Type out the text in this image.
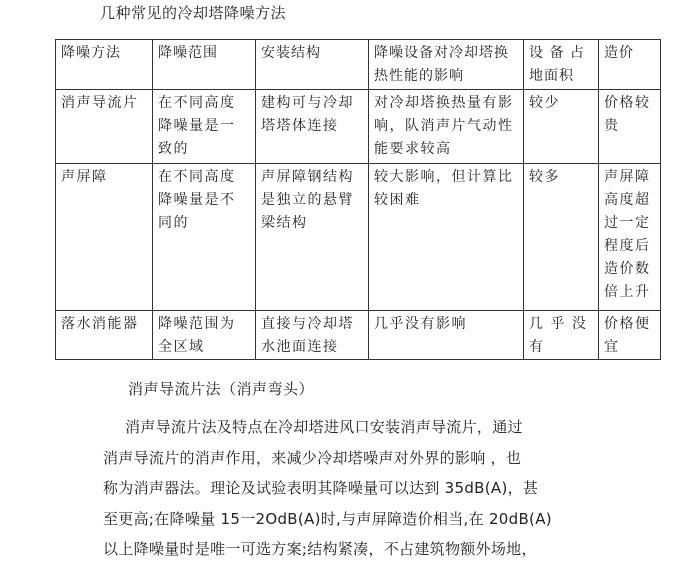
几种常见的冷却塔降噪方法
降噪方法	降噪范围	安装结构	降噪设备对冷却塔换热性能的影响	设 备 占地面积	造价
消声导流片	在不同高度降噪量是一致的	建构可与冷却塔塔体连接	对冷却塔换热量有影响，队消声片气动性能要求较高	较少	价格较贵
声屏障	在不同高度降噪量是不同的	声屏障钢结构是独立的悬臂梁结构	较大影响，但计算比较困难	较多	声屏障高度超过一定程度后造价数倍上升
落水消能器	降噪范围为全区域	直接与冷却塔水池面连接	几乎没有影响	几 乎 没有	价格便宜
消声导流片法（消声弯头）

消声导流片法及特点在冷却塔进风口安装消声导流片，通过

消声导流片的消声作用，来减少冷却塔噪声对外界的影响 ，也

称为消声器法。理论及试验表明其降噪量可以达到 35dB(A)，甚

至更高;在降噪量 15一2OdB(A)时,与声屏障造价相当,在 20dB(A)

以上降噪量时是唯一可选方案;结构紧凑，不占建筑物额外场地，
